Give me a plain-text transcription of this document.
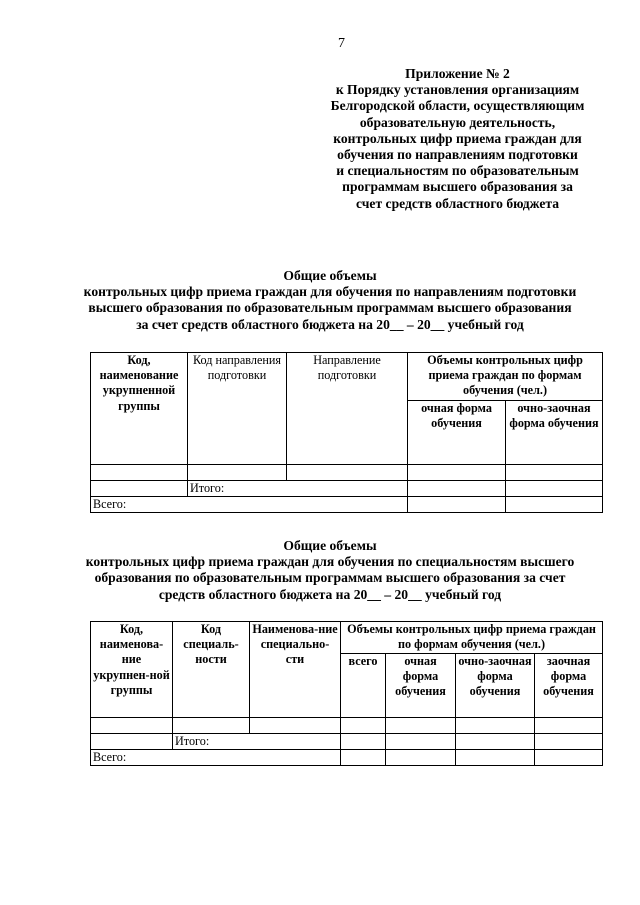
7
Приложение № 2
к Порядку установления организациям
Белгородской области, осуществляющим
образовательную деятельность,
контрольных цифр приема граждан для
обучения по направлениям подготовки
и специальностям по образовательным
программам высшего образования за
счет средств областного бюджета
Общие объемы
контрольных цифр приема граждан для обучения по направлениям подготовки
высшего образования по образовательным программам высшего образования
за счет средств областного бюджета на 20__ – 20__ учебный год
Код, наименование укрупненной группы	Код направления подготовки	Направление подготовки	Объемы контрольных цифр приема граждан по формам обучения (чел.)	
			очная форма обучения	очно-заочная форма обучения

	Итого:			
Всего:				
Общие объемы
контрольных цифр приема граждан для обучения по специальностям высшего
образования по образовательным программам высшего образования за счет
средств областного бюджета на 20__ – 20__ учебный год
Код, наименова-ние укрупнен-ной группы	Код специаль-ности	Наименова-ние специально-сти	Объемы контрольных цифр приема граждан по формам обучения (чел.)			
			всего	очная форма обучения	очно-заочная форма обучения	заочная форма обучения

	Итого:					
Всего:						
